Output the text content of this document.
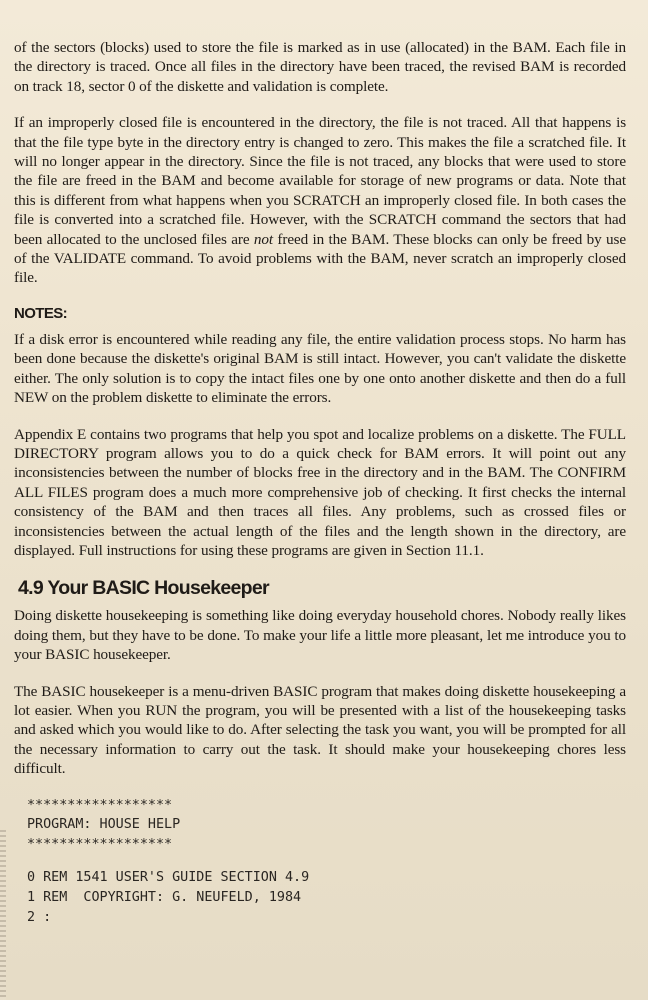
of the sectors (blocks) used to store the file is marked as in use (allocated) in the BAM. Each file in the directory is traced. Once all files in the directory have been traced, the revised BAM is recorded on track 18, sector 0 of the diskette and validation is complete.

If an improperly closed file is encountered in the directory, the file is not traced. All that happens is that the file type byte in the directory entry is changed to zero. This makes the file a scratched file. It will no longer appear in the directory. Since the file is not traced, any blocks that were used to store the file are freed in the BAM and become available for storage of new programs or data. Note that this is different from what happens when you SCRATCH an improperly closed file. In both cases the file is converted into a scratched file. However, with the SCRATCH command the sectors that had been allocated to the unclosed files are not freed in the BAM. These blocks can only be freed by use of the VALIDATE command. To avoid problems with the BAM, never scratch an improperly closed file.

NOTES:

If a disk error is encountered while reading any file, the entire validation process stops. No harm has been done because the diskette's original BAM is still intact. However, you can't validate the diskette either. The only solution is to copy the intact files one by one onto another diskette and then do a full NEW on the problem diskette to eliminate the errors.

Appendix E contains two programs that help you spot and localize problems on a diskette. The FULL DIRECTORY program allows you to do a quick check for BAM errors. It will point out any inconsistencies between the number of blocks free in the directory and in the BAM. The CONFIRM ALL FILES program does a much more comprehensive job of checking. It first checks the internal consistency of the BAM and then traces all files. Any problems, such as crossed files or inconsistencies between the actual length of the files and the length shown in the directory, are displayed. Full instructions for using these programs are given in Section 11.1.

4.9 Your BASIC Housekeeper

Doing diskette housekeeping is something like doing everyday household chores. Nobody really likes doing them, but they have to be done. To make your life a little more pleasant, let me introduce you to your BASIC housekeeper.

The BASIC housekeeper is a menu-driven BASIC program that makes doing diskette housekeeping a lot easier. When you RUN the program, you will be presented with a list of the housekeeping tasks and asked which you would like to do. After selecting the task you want, you will be prompted for all the necessary information to carry out the task. It should make your housekeeping chores less difficult.

******************
PROGRAM: HOUSE HELP
******************
0 REM 1541 USER'S GUIDE SECTION 4.9
1 REM  COPYRIGHT: G. NEUFELD, 1984
2 :
